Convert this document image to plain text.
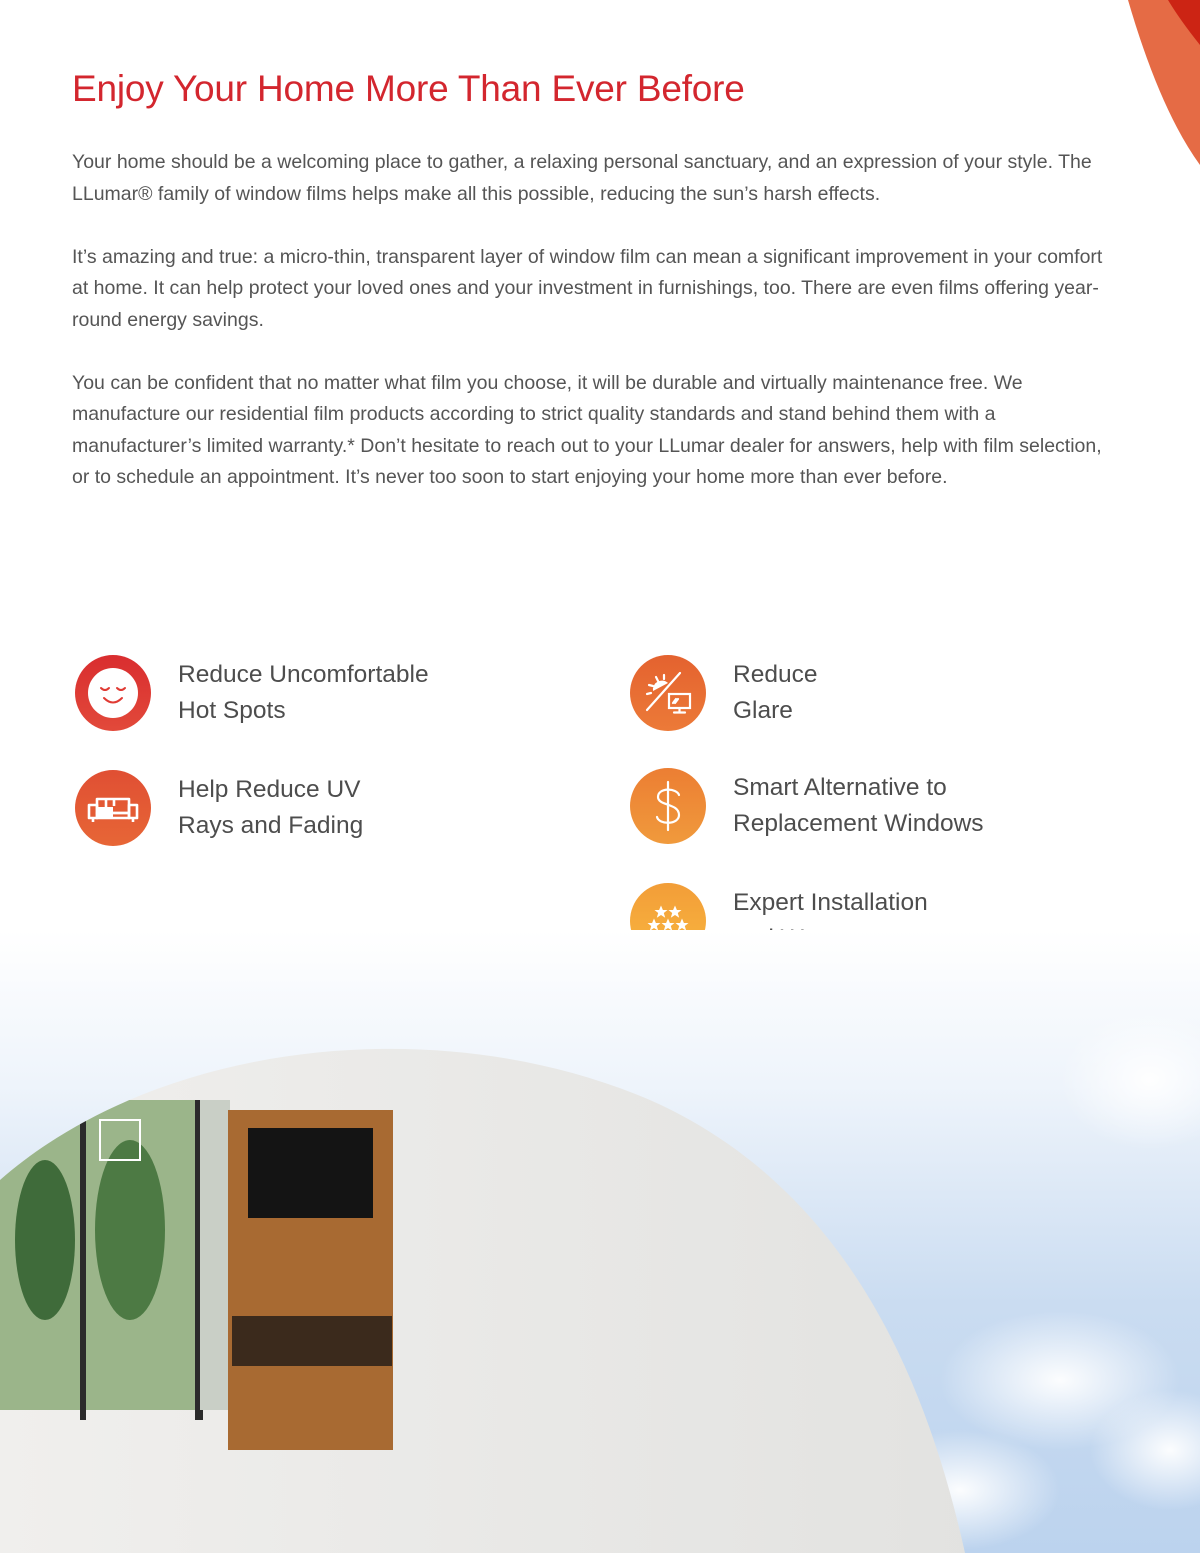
Enjoy Your Home More Than Ever Before

Your home should be a welcoming place to gather, a relaxing personal sanctuary, and an expression of your style. The LLumar® family of window films helps make all this possible, reducing the sun’s harsh effects.

It’s amazing and true: a micro-thin, transparent layer of window film can mean a significant improvement in your comfort at home. It can help protect your loved ones and your investment in furnishings, too. There are even films offering year-round energy savings.

You can be confident that no matter what film you choose, it will be durable and virtually maintenance free. We manufacture our residential film products according to strict quality standards and stand behind them with a manufacturer’s limited warranty.* Don’t hesitate to reach out to your LLumar dealer for answers, help with film selection, or to schedule an appointment. It’s never too soon to start enjoying your home more than ever before.

Reduce Uncomfortable
Hot Spots
Help Reduce UV
Rays and Fading
Reduce
Glare
Smart Alternative to
Replacement Windows
Expert Installation
